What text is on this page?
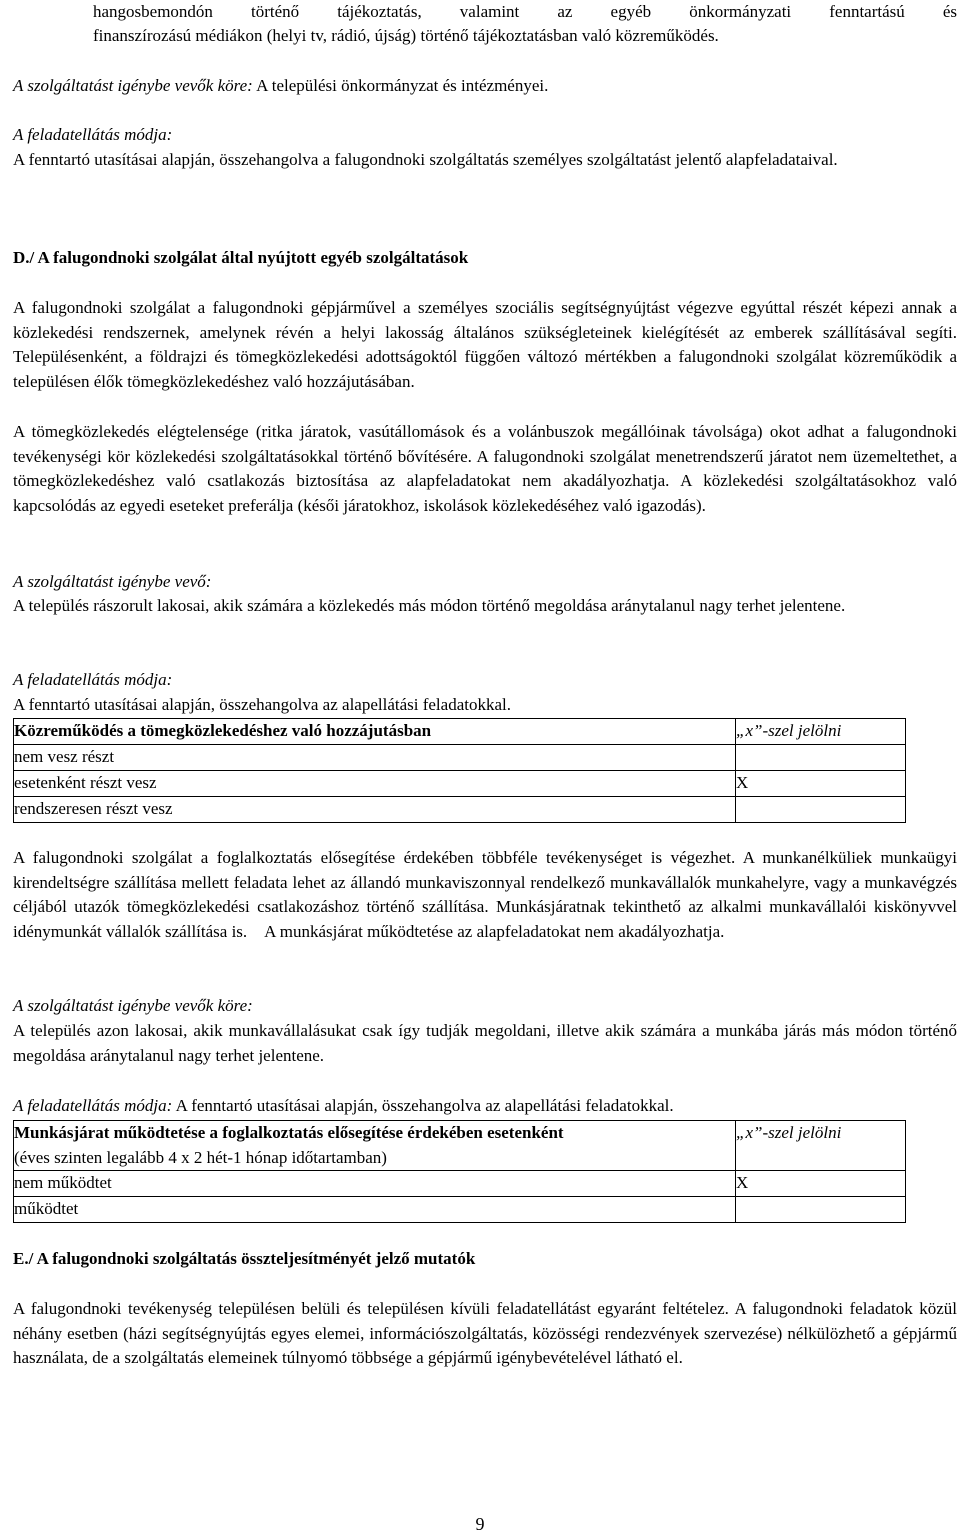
hangosbemondón történő tájékoztatás, valamint az egyéb önkormányzati fenntartású és

finanszírozású médiákon (helyi tv, rádió, újság) történő tájékoztatásban való közreműködés.

A szolgáltatást igénybe vevők köre: A települési önkormányzat és intézményei.

A feladatellátás módja:

A fenntartó utasításai alapján, összehangolva a falugondnoki szolgáltatás személyes szolgáltatást jelentő alapfeladataival.

D./ A falugondnoki szolgálat által nyújtott egyéb szolgáltatások

A falugondnoki szolgálat a falugondnoki gépjárművel a személyes szociális segítségnyújtást végezve egyúttal részét képezi annak a közlekedési rendszernek, amelynek révén a helyi lakosság általános szükségleteinek kielégítését az emberek szállításával segíti. Településenként, a földrajzi és tömegközlekedési adottságoktól függően változó mértékben a falugondnoki szolgálat közreműködik a településen élők tömegközlekedéshez való hozzájutásában.

A tömegközlekedés elégtelensége (ritka járatok, vasútállomások és a volánbuszok megállóinak távolsága) okot adhat a falugondnoki tevékenységi kör közlekedési szolgáltatásokkal történő bővítésére. A falugondnoki szolgálat menetrendszerű járatot nem üzemeltethet, a tömegközlekedéshez való csatlakozás biztosítása az alapfeladatokat nem akadályozhatja. A közlekedési szolgáltatásokhoz való kapcsolódás az egyedi eseteket preferálja (késői járatokhoz, iskolások közlekedéséhez való igazodás).

A szolgáltatást igénybe vevő:

A település rászorult lakosai, akik számára a közlekedés más módon történő megoldása aránytalanul nagy terhet jelentene.

A feladatellátás módja:

A fenntartó utasításai alapján, összehangolva az alapellátási feladatokkal.

Közreműködés a tömegközlekedéshez való hozzájutásban	„x”-szel jelölni
nem vesz részt	
esetenként részt vesz	X
rendszeresen részt vesz	

A falugondnoki szolgálat a foglalkoztatás elősegítése érdekében többféle tevékenységet is végezhet. A munkanélküliek munkaügyi kirendeltségre szállítása mellett feladata lehet az állandó munkaviszonnyal rendelkező munkavállalók munkahelyre, vagy a munkavégzés céljából utazók tömegközlekedési csatlakozáshoz történő szállítása. Munkásjáratnak tekinthető az alkalmi munkavállalói kiskönyvvel idénymunkát vállalók szállítása is. A munkásjárat működtetése az alapfeladatokat nem akadályozhatja.

A szolgáltatást igénybe vevők köre:

A település azon lakosai, akik munkavállalásukat csak így tudják megoldani, illetve akik számára a munkába járás más módon történő megoldása aránytalanul nagy terhet jelentene.

A feladatellátás módja: A fenntartó utasításai alapján, összehangolva az alapellátási feladatokkal.

Munkásjárat működtetése a foglalkoztatás elősegítése érdekében esetenként
(éves szinten legalább 4 x 2 hét-1 hónap időtartamban)	„x”-szel jelölni
nem működtet	X
működtet	

E./ A falugondnoki szolgáltatás összteljesítményét jelző mutatók

A falugondnoki tevékenység településen belüli és településen kívüli feladatellátást egyaránt feltételez. A falugondnoki feladatok közül néhány esetben (házi segítségnyújtás egyes elemei, információszolgáltatás, közösségi rendezvények szervezése) nélkülözhető a gépjármű használata, de a szolgáltatás elemeinek túlnyomó többsége a gépjármű igénybevételével látható el.

9
